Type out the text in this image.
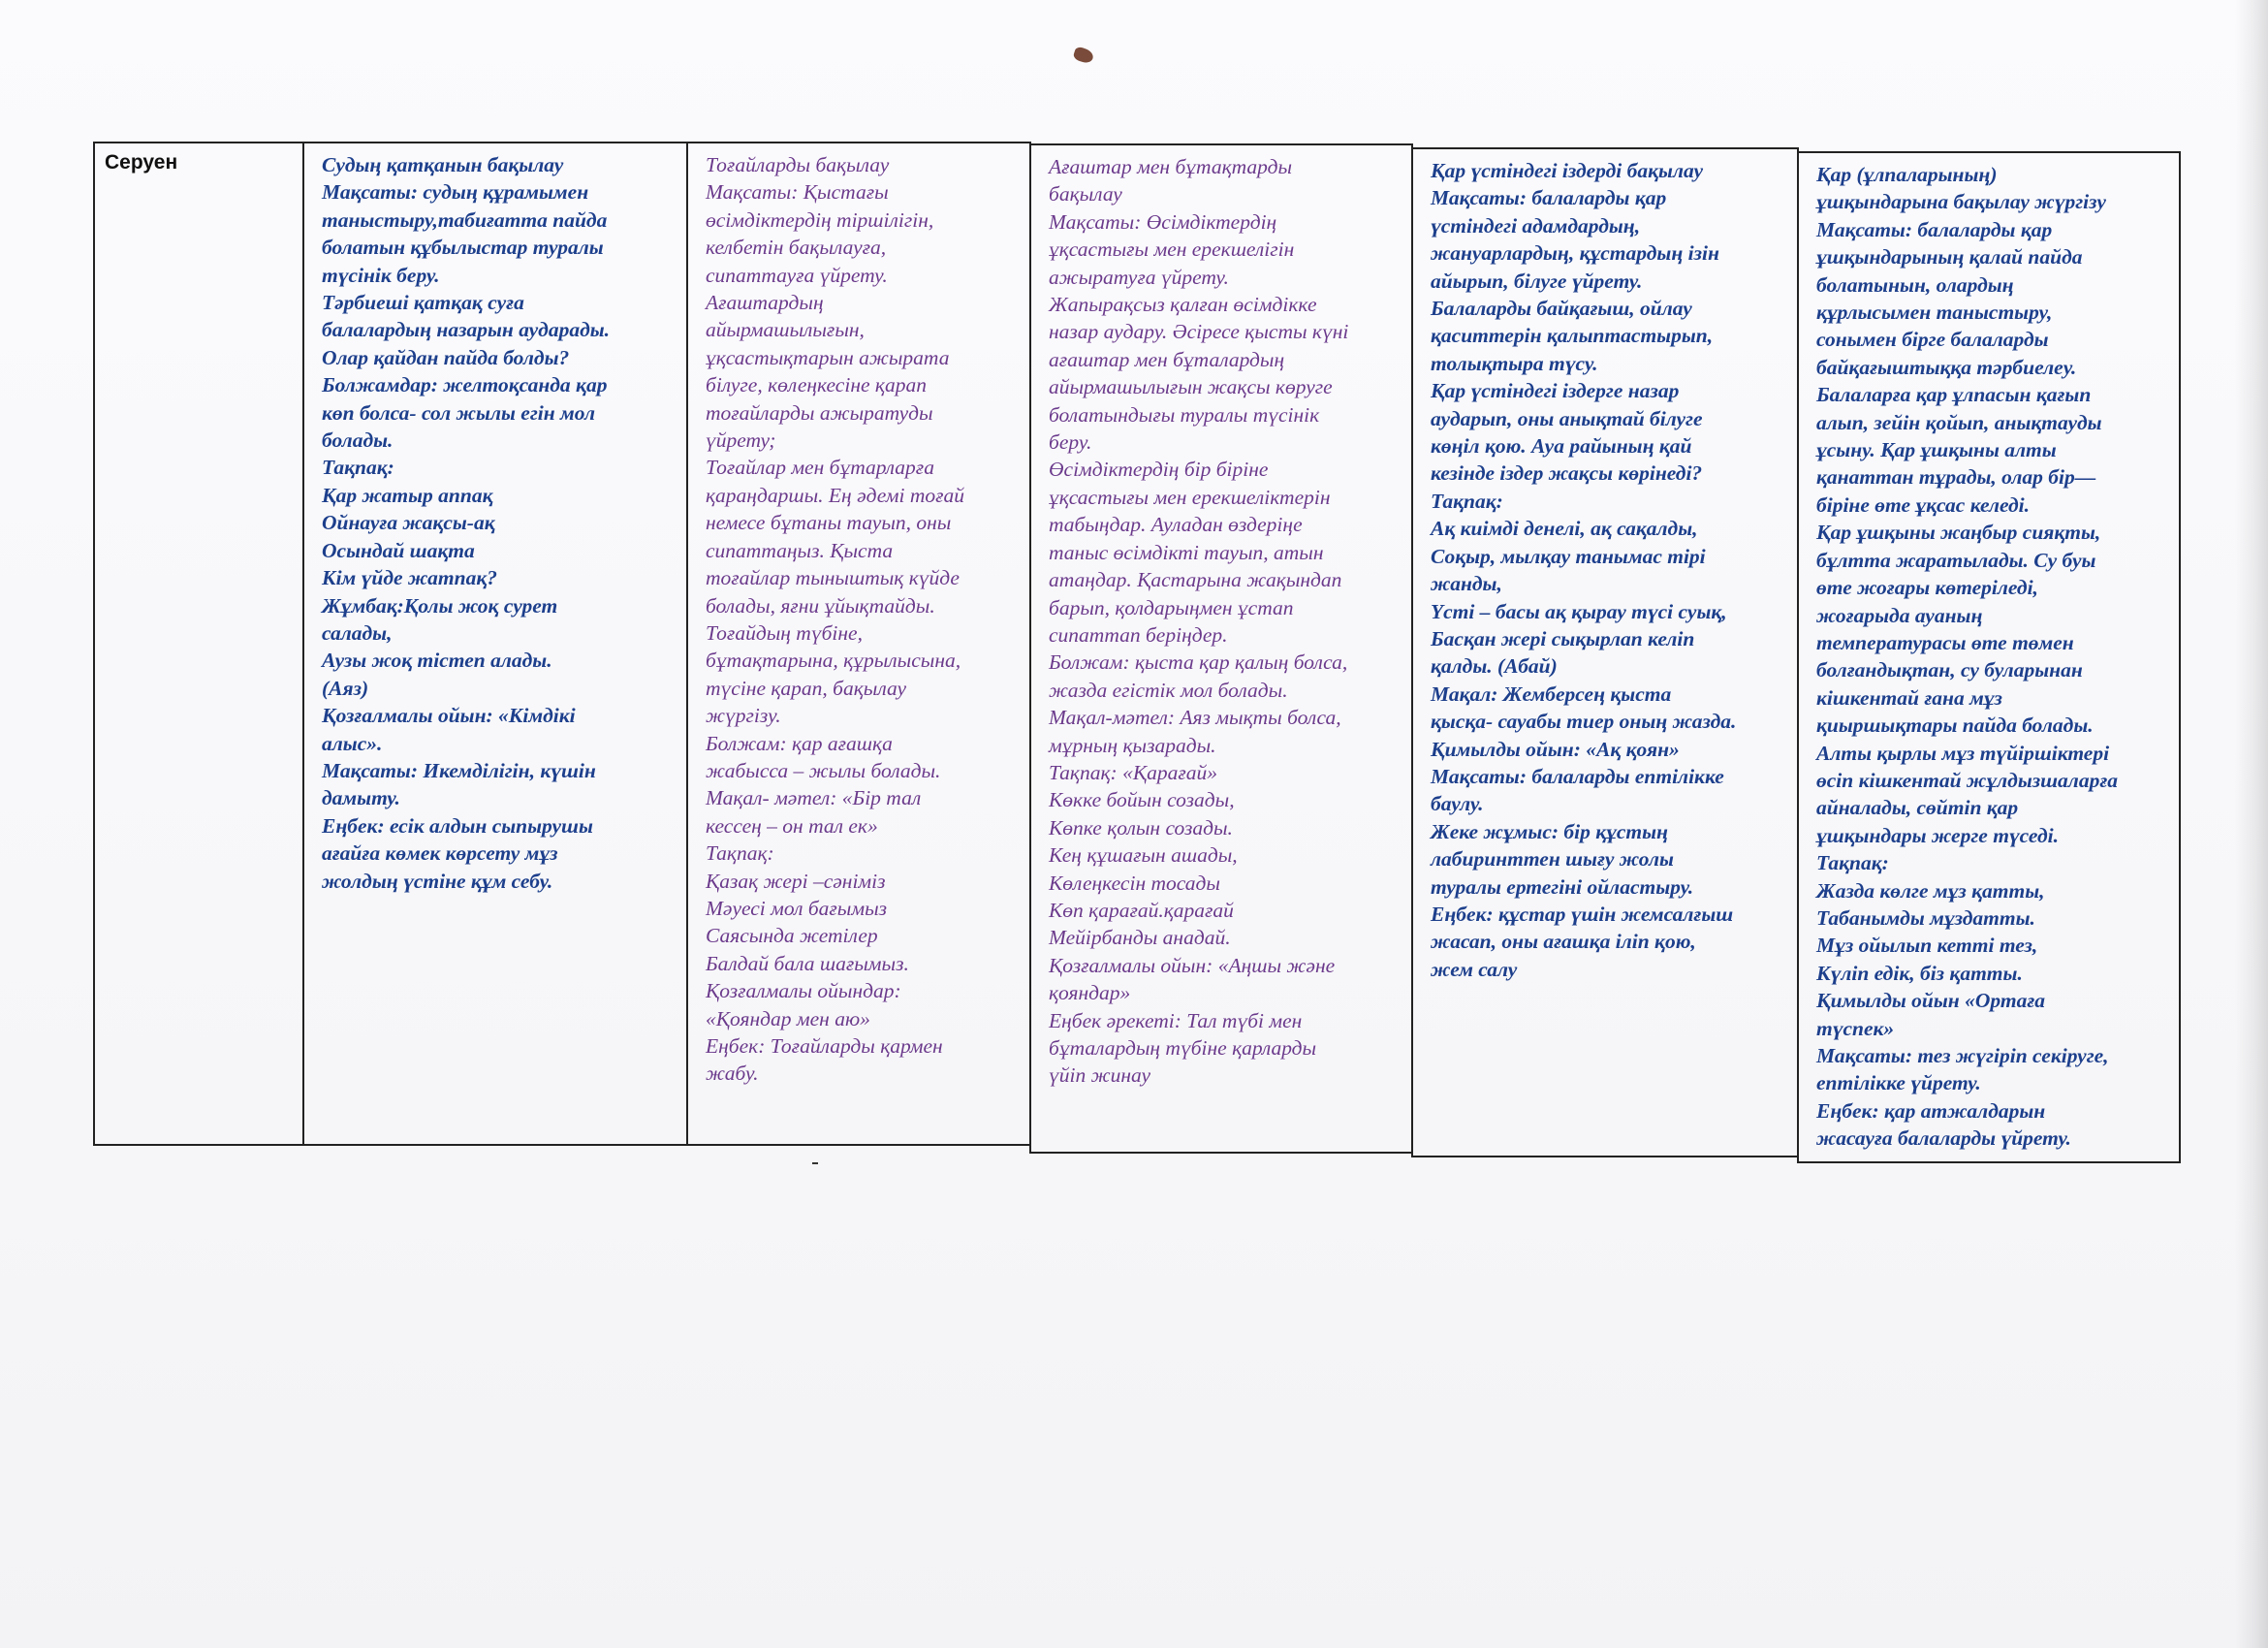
Серуен	Судың қатқанын бақылау
Мақсаты: судың құрамымен
таныстыру,табиғатта пайда
болатын құбылыстар туралы
түсінік беру.
Тәрбиеші қатқақ суға
балалардың назарын аударады.
Олар қайдан пайда болды?
Болжамдар: желтоқсанда қар
көп болса- сол жылы егін мол
болады.
Тақпақ:
Қар жатыр аппақ
Ойнауға жақсы-ақ
Осындай шақта
Кім үйде жатпақ?
Жұмбақ:Қолы жоқ сурет
салады,
Аузы жоқ тістеп алады.
(Аяз)
Қозғалмалы ойын: «Кімдікі
алыс».
Мақсаты: Икемділігін, күшін
дамыту.
Еңбек: есік алдын сыпырушы
ағайға көмек көрсету мұз
жолдың үстіне құм себу.
Тоғайларды бақылау
Мақсаты: Қыстағы
өсімдіктердің тіршілігін,
келбетін бақылауға,
сипаттауға үйрету.
Ағаштардың
айырмашылығын,
ұқсастықтарын ажырата
білуге, көлеңкесіне қарап
тоғайларды ажыратуды
үйрету;
Тоғайлар мен бұтарларға
қараңдаршы. Ең әдемі тоғай
немесе бұтаны тауып, оны
сипаттаңыз. Қыста
тоғайлар тыныштық күйде
болады, яғни ұйықтайды.
Тоғайдың түбіне,
бұтақтарына, құрылысына,
түсіне қарап, бақылау
жүргізу.
Болжам: қар ағашқа
жабысса – жылы болады.
Мақал- мәтел: «Бір тал
кессең – он тал ек»
Тақпақ:
Қазақ жері –сәніміз
Мәуесі мол бағымыз
Саясында жетілер
Балдай бала шағымыз.
Қозғалмалы ойындар:
«Қояндар мен аю»
Еңбек: Тоғайларды қармен
жабу.
Ағаштар мен бұтақтарды
бақылау
Мақсаты: Өсімдіктердің
ұқсастығы мен ерекшелігін
ажыратуға үйрету.
Жапырақсыз қалған өсімдікке
назар аудару. Әсіресе қысты күні
ағаштар мен бұталардың
айырмашылығын жақсы көруге
болатындығы туралы түсінік
беру.
Өсімдіктердің бір біріне
ұқсастығы мен ерекшеліктерін
табыңдар. Ауладан өздеріңе
таныс өсімдікті тауып, атын
атаңдар. Қастарына жақындап
барып, қолдарыңмен ұстап
сипаттап беріңдер.
Болжам: қыста қар қалың болса,
жазда егістік мол болады.
Мақал-мәтел: Аяз мықты болса,
мұрның қызарады.
Тақпақ: «Қарағай»
Көкке бойын созады,
Көпке қолын созады.
Кең құшағын ашады,
Көлеңкесін тосады
Көп қарағай.қарағай
Мейірбанды анадай.
Қозғалмалы ойын: «Аңшы және
қояндар»
Еңбек әрекеті: Тал түбі мен
бұталардың түбіне қарларды
үйіп жинау
Қар үстіндегі іздерді бақылау
Мақсаты: балаларды қар
үстіндегі адамдардың,
жануарлардың, құстардың ізін
айырып, білуге үйрету.
Балаларды байқағыш, ойлау
қаситтерін қалыптастырып,
толықтыра түсу.
Қар үстіндегі іздерге назар
аударып, оны анықтай білуге
көңіл қою. Ауа райының қай
кезінде іздер жақсы көрінеді?
Тақпақ:
Ақ киімді денелі, ақ сақалды,
Соқыр, мылқау танымас тірі
жанды,
Үсті – басы ақ қырау түсі суық,
Басқан жері сықырлап келіп
қалды. (Абай)
Мақал: Жемберсең қыста
қысқа- сауабы тиер оның жазда.
Қимылды ойын: «Ақ қоян»
Мақсаты: балаларды ептілікке
баулу.
Жеке жұмыс: бір құстың
лабиринттен шығу жолы
туралы ертегіні ойластыру.
Еңбек: құстар үшін жемсалғыш
жасап, оны ағашқа іліп қою,
жем салу
Қар (ұлпаларының)
ұшқындарына бақылау жүргізу
Мақсаты: балаларды қар
ұшқындарының қалай пайда
болатынын, олардың
құрлысымен таныстыру,
сонымен бірге балаларды
байқағыштыққа тәрбиелеу.
Балаларға қар ұлпасын қағып
алып, зейін қойып, анықтауды
ұсыну. Қар ұшқыны алты
қанаттан тұрады, олар бір—
біріне өте ұқсас келеді.
Қар ұшқыны жаңбыр сияқты,
бұлтта жаратылады. Су буы
өте жоғары көтеріледі,
жоғарыда ауаның
температурасы өте төмен
болғандықтан, су буларынан
кішкентай ғана мұз
қиыршықтары пайда болады.
Алты қырлы мұз түйіршіктері
өсіп кішкентай жұлдызшаларға
айналады, сөйтіп қар
ұшқындары жерге түседі.
Тақпақ:
Жазда көлге мұз қатты,
Табанымды мұздатты.
Мұз ойылып кетті тез,
Күліп едік, біз қатты.
Қимылды ойын «Ортаға
түспек»
Мақсаты: тез жүгіріп секіруге,
ептілікке үйрету.
Еңбек: қар атжалдарын
жасауға балаларды үйрету.
